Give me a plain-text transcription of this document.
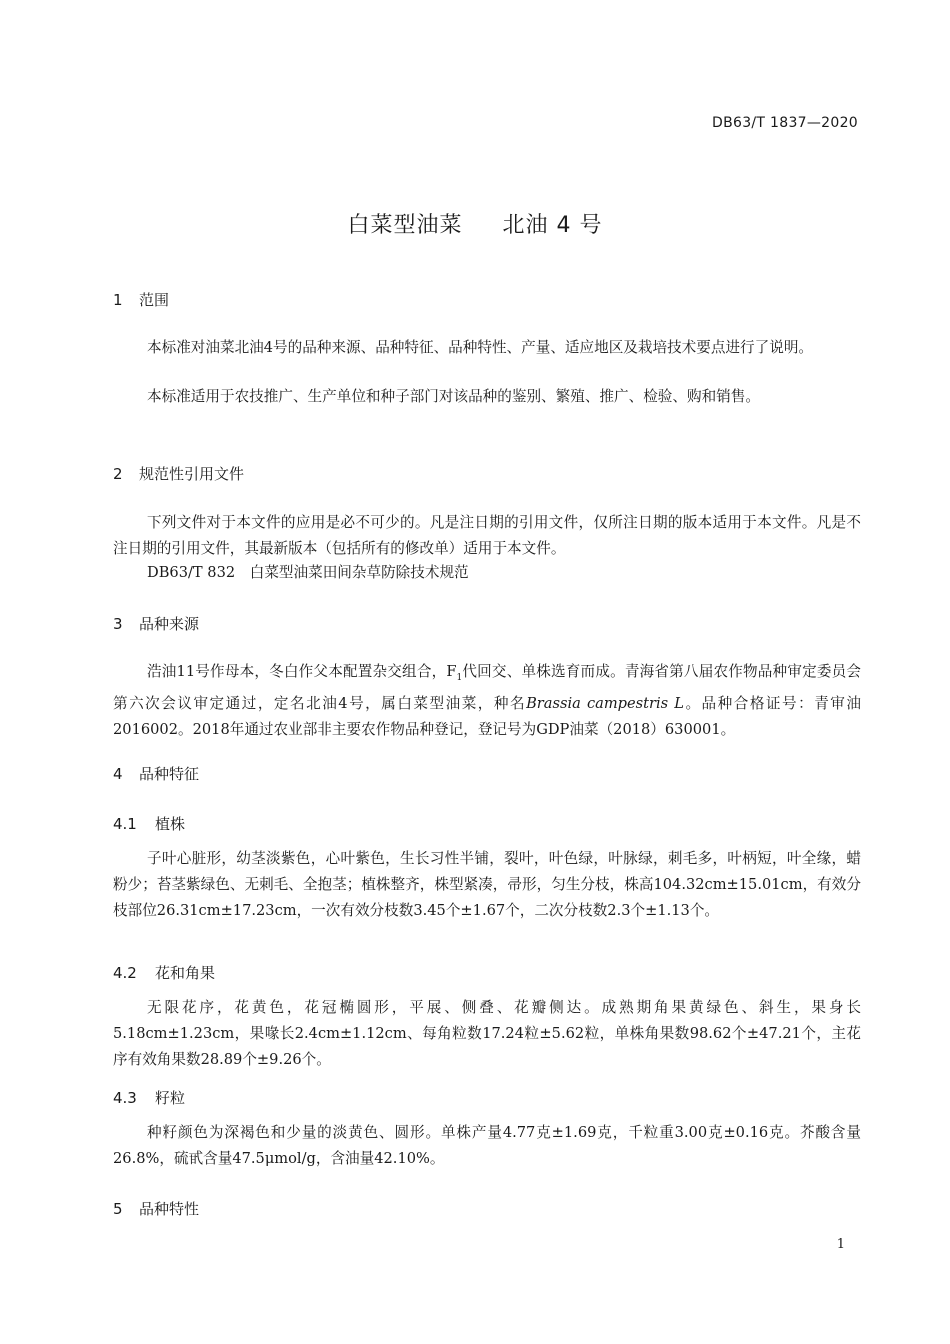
DB63/T 1837—2020
白菜型油菜 北油 4 号
1 范围
本标准对油菜北油4号的品种来源、品种特征、品种特性、产量、适应地区及栽培技术要点进行了说明。
本标准适用于农技推广、生产单位和种子部门对该品种的鉴别、繁殖、推广、检验、购和销售。
2 规范性引用文件
下列文件对于本文件的应用是必不可少的。凡是注日期的引用文件，仅所注日期的版本适用于本文件。凡是不注日期的引用文件，其最新版本（包括所有的修改单）适用于本文件。
DB63/T 832　白菜型油菜田间杂草防除技术规范
3 品种来源
浩油11号作母本，冬白作父本配置杂交组合，$F_1$代回交、单株选育而成。青海省第八届农作物品种审定委员会第六次会议审定通过，定名北油4号，属白菜型油菜，种名Brassia campestris L。品种合格证号：青审油2016002。2018年通过农业部非主要农作物品种登记，登记号为GDP油菜（2018）630001。
4 品种特征
4.1 植株
子叶心脏形，幼茎淡紫色，心叶紫色，生长习性半铺，裂叶，叶色绿，叶脉绿，刺毛多，叶柄短，叶全缘，蜡粉少；苔茎紫绿色、无刺毛、全抱茎；植株整齐，株型紧凑，帚形，匀生分枝，株高104.32cm±15.01cm，有效分枝部位26.31cm±17.23cm，一次有效分枝数3.45个±1.67个，二次分枝数2.3个±1.13个。
4.2 花和角果
无限花序，花黄色，花冠椭圆形，平展、侧叠、花瓣侧达。成熟期角果黄绿色、斜生，果身长5.18cm±1.23cm，果喙长2.4cm±1.12cm、每角粒数17.24粒±5.62粒，单株角果数98.62个±47.21个，主花序有效角果数28.89个±9.26个。
4.3 籽粒
种籽颜色为深褐色和少量的淡黄色、圆形。单株产量4.77克±1.69克，千粒重3.00克±0.16克。芥酸含量26.8%，硫甙含量47.5μmol/g，含油量42.10%。
5 品种特性
1
